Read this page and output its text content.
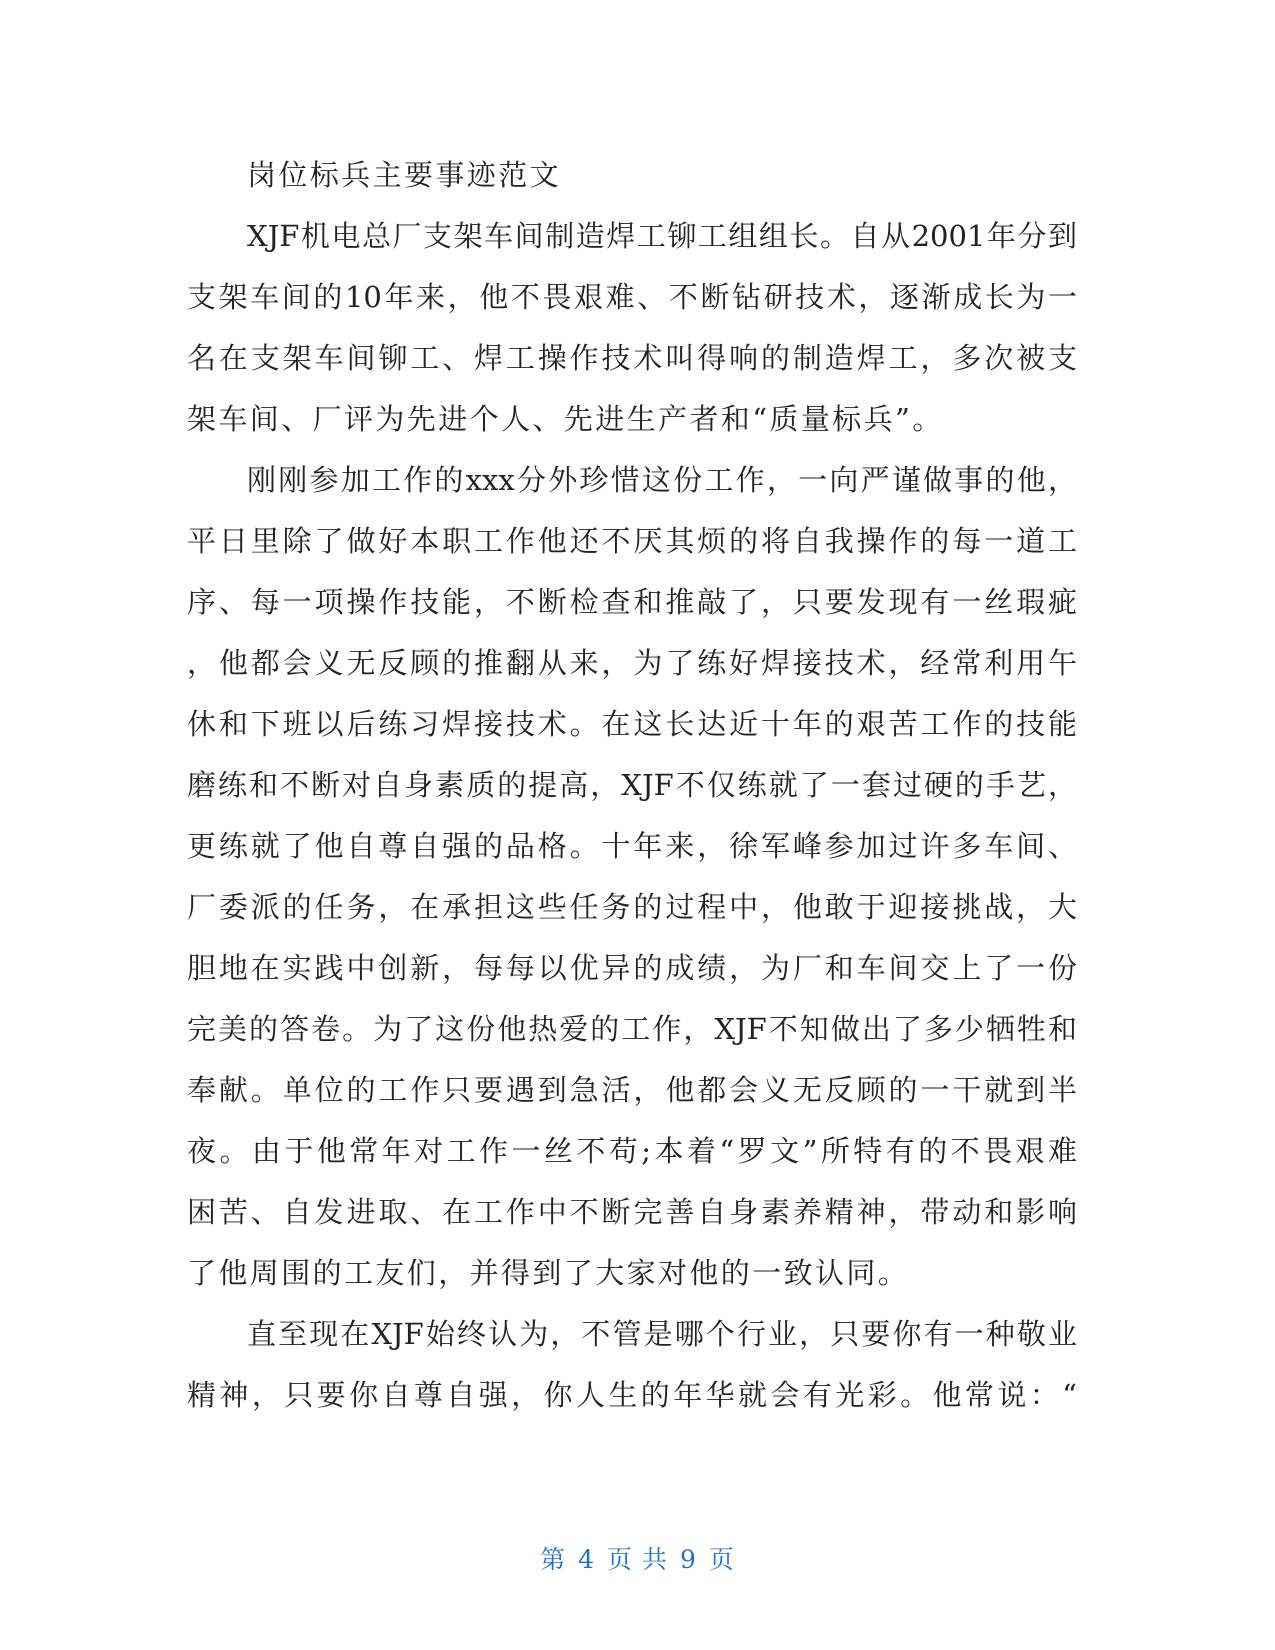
岗位标兵主要事迹范文
XJF机电总厂支架车间制造焊工铆工组组长。自从2001年分到
支架车间的10年来，他不畏艰难、不断钻研技术，逐渐成长为一
名在支架车间铆工、焊工操作技术叫得响的制造焊工，多次被支
架车间、厂评为先进个人、先进生产者和“质量标兵”。
刚刚参加工作的xxx分外珍惜这份工作，一向严谨做事的他，
平日里除了做好本职工作他还不厌其烦的将自我操作的每一道工
序、每一项操作技能，不断检查和推敲了，只要发现有一丝瑕疵
，他都会义无反顾的推翻从来，为了练好焊接技术，经常利用午
休和下班以后练习焊接技术。在这长达近十年的艰苦工作的技能
磨练和不断对自身素质的提高，XJF不仅练就了一套过硬的手艺，
更练就了他自尊自强的品格。十年来，徐军峰参加过许多车间、
厂委派的任务，在承担这些任务的过程中，他敢于迎接挑战，大
胆地在实践中创新，每每以优异的成绩，为厂和车间交上了一份
完美的答卷。为了这份他热爱的工作，XJF不知做出了多少牺牲和
奉献。单位的工作只要遇到急活，他都会义无反顾的一干就到半
夜。由于他常年对工作一丝不苟;本着“罗文”所特有的不畏艰难
困苦、自发进取、在工作中不断完善自身素养精神，带动和影响
了他周围的工友们，并得到了大家对他的一致认同。
直至现在XJF始终认为，不管是哪个行业，只要你有一种敬业
精神，只要你自尊自强，你人生的年华就会有光彩。他常说：“
第 4 页 共 9 页
